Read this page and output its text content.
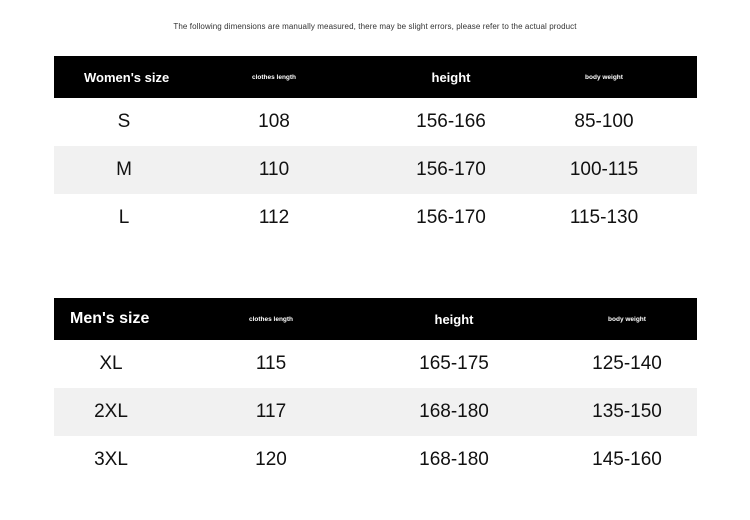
The following dimensions are manually measured, there may be slight errors, please refer to the actual product
Women's size	clothes length	height	body weight
S	108	156-166	85-100
M	110	156-170	100-115
L	112	156-170	115-130
Men's size	clothes length	height	body weight
XL	115	165-175	125-140
2XL	117	168-180	135-150
3XL	120	168-180	145-160
